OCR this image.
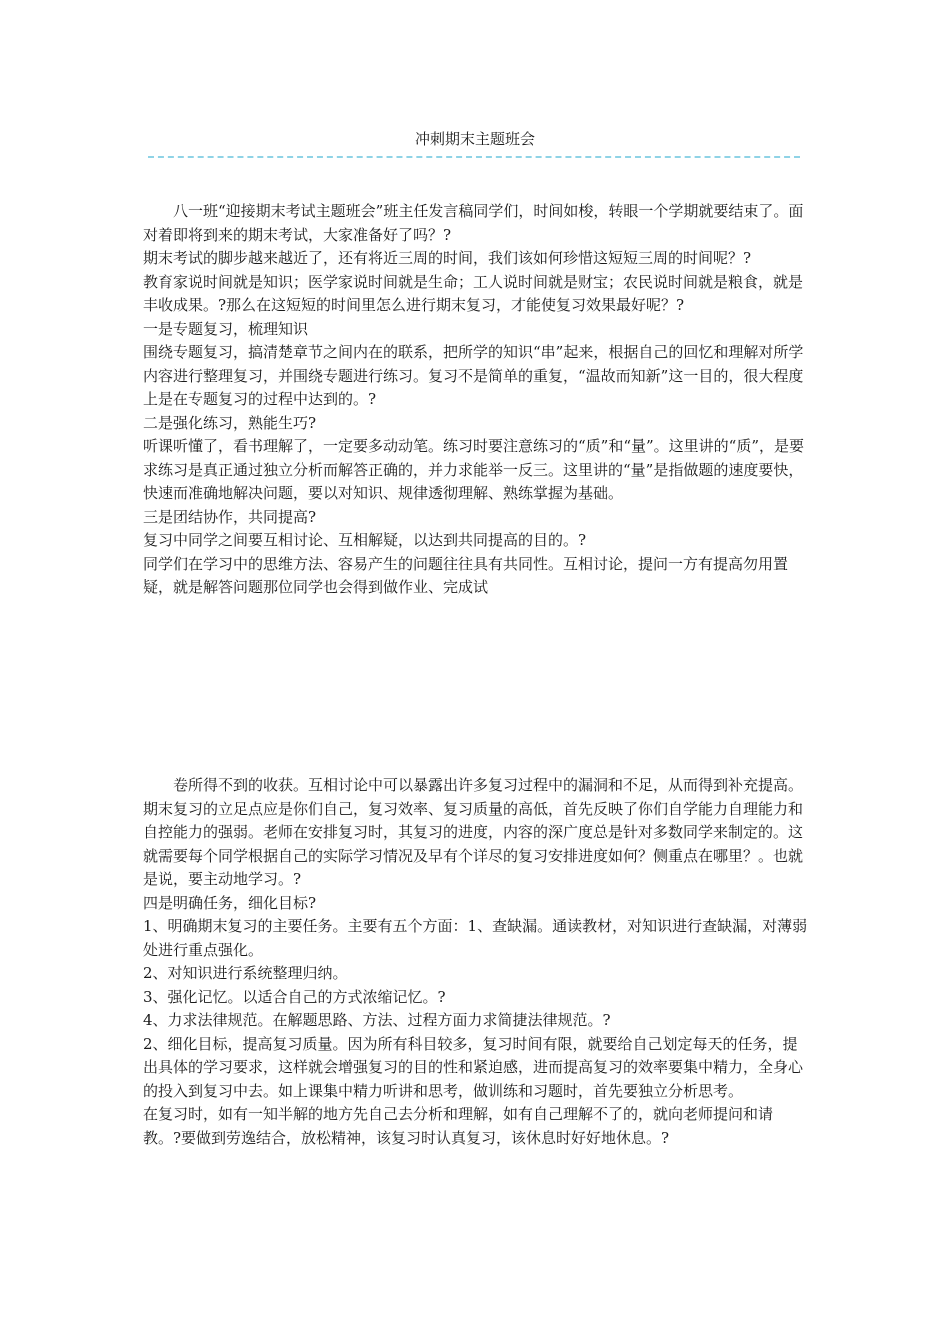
冲刺期末主题班会

八一班“迎接期末考试主题班会”班主任发言稿同学们，时间如梭，转眼一个学期就要结束了。面对着即将到来的期末考试，大家准备好了吗？?

期末考试的脚步越来越近了，还有将近三周的时间，我们该如何珍惜这短短三周的时间呢？?

教育家说时间就是知识；医学家说时间就是生命；工人说时间就是财宝；农民说时间就是粮食，就是丰收成果。?那么在这短短的时间里怎么进行期末复习，才能使复习效果最好呢？?

一是专题复习，梳理知识

围绕专题复习，搞清楚章节之间内在的联系，把所学的知识“串”起来，根据自己的回忆和理解对所学内容进行整理复习，并围绕专题进行练习。复习不是简单的重复，“温故而知新”这一目的，很大程度上是在专题复习的过程中达到的。?

二是强化练习，熟能生巧?

听课听懂了，看书理解了，一定要多动动笔。练习时要注意练习的“质”和“量”。这里讲的“质”，是要求练习是真正通过独立分析而解答正确的，并力求能举一反三。这里讲的“量”是指做题的速度要快，快速而准确地解决问题，要以对知识、规律透彻理解、熟练掌握为基础。

三是团结协作，共同提高?

复习中同学之间要互相讨论、互相解疑，以达到共同提高的目的。?

同学们在学习中的思维方法、容易产生的问题往往具有共同性。互相讨论，提问一方有提高勿用置疑，就是解答问题那位同学也会得到做作业、完成试

卷所得不到的收获。互相讨论中可以暴露出许多复习过程中的漏洞和不足，从而得到补充提高。

期末复习的立足点应是你们自己，复习效率、复习质量的高低，首先反映了你们自学能力自理能力和自控能力的强弱。老师在安排复习时，其复习的进度，内容的深广度总是针对多数同学来制定的。这就需要每个同学根据自己的实际学习情况及早有个详尽的复习安排进度如何？侧重点在哪里？。也就是说，要主动地学习。?

四是明确任务，细化目标?

1、明确期末复习的主要任务。主要有五个方面：1、查缺漏。通读教材，对知识进行查缺漏，对薄弱处进行重点强化。

2、对知识进行系统整理归纳。

3、强化记忆。以适合自己的方式浓缩记忆。?

4、力求法律规范。在解题思路、方法、过程方面力求简捷法律规范。?

2、细化目标，提高复习质量。因为所有科目较多，复习时间有限，就要给自己划定每天的任务，提出具体的学习要求，这样就会增强复习的目的性和紧迫感，进而提高复习的效率要集中精力，全身心的投入到复习中去。如上课集中精力听讲和思考，做训练和习题时，首先要独立分析思考。

在复习时，如有一知半解的地方先自己去分析和理解，如有自己理解不了的，就向老师提问和请教。?要做到劳逸结合，放松精神，该复习时认真复习，该休息时好好地休息。?
